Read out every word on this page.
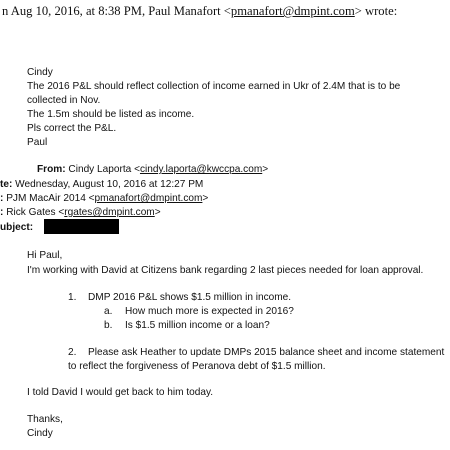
n Aug 10, 2016, at 8:38 PM, Paul Manafort <pmanafort@dmpint.com> wrote:
Cindy
The 2016 P&L should reflect collection of income earned in Ukr of 2.4M that is to be
collected in Nov.
The 1.5m should be listed as income.
Pls correct the P&L.
Paul
From: Cindy Laporta <cindy.laporta@kwccpa.com>
te: Wednesday, August 10, 2016 at 12:27 PM
: PJM MacAir 2014 <pmanafort@dmpint.com>
: Rick Gates <rgates@dmpint.com>
ubject:
Hi Paul,
I'm working with David at Citizens bank regarding 2 last pieces needed for loan approval.
1. DMP 2016 P&L shows $1.5 million in income.
a. How much more is expected in 2016?
b. Is $1.5 million income or a loan?
2. Please ask Heather to update DMPs 2015 balance sheet and income statement
to reflect the forgiveness of Peranova debt of $1.5 million.
I told David I would get back to him today.
Thanks,
Cindy
